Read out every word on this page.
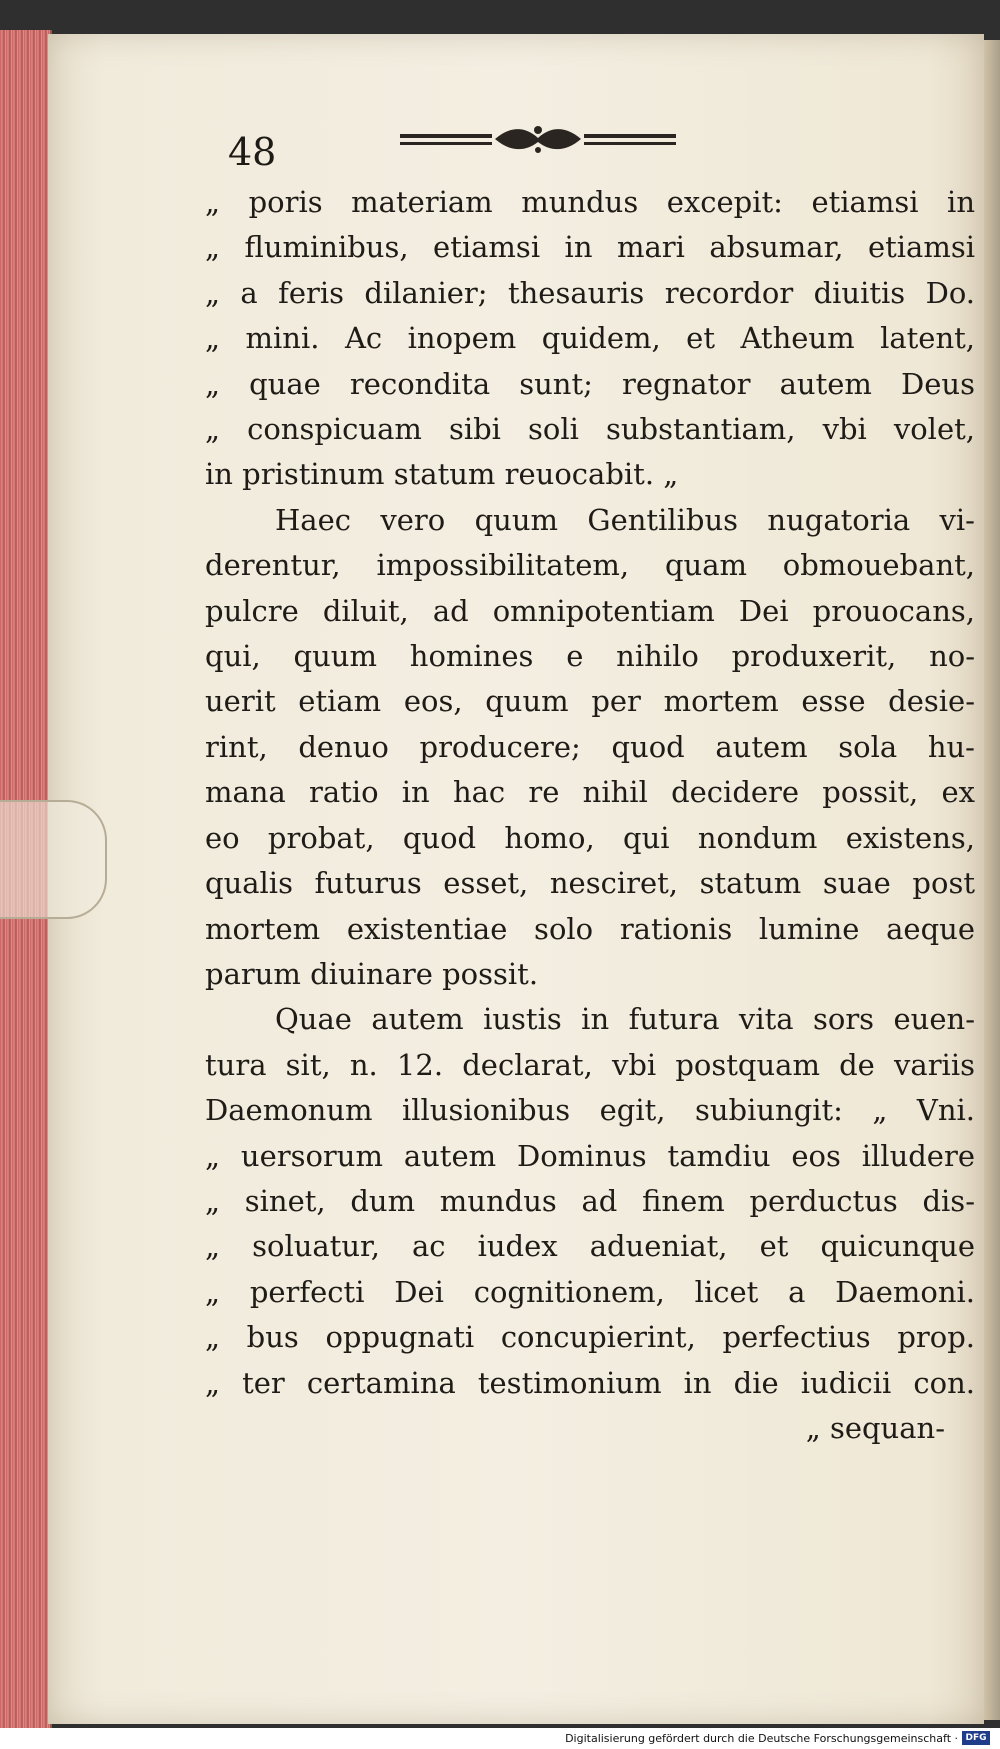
48
„ poris materiam mundus excepit: etiamsi in
„ fluminibus, etiamsi in mari absumar, etiamsi
„ a feris dilanier; thesauris recordor diuitis Do.
„ mini. Ac inopem quidem, et Atheum latent,
„ quae recondita sunt; regnator autem Deus
„ conspicuam sibi soli substantiam, vbi volet,
in pristinum statum reuocabit. „
Haec vero quum Gentilibus nugatoria vi-
derentur, impossibilitatem, quam obmouebant,
pulcre diluit, ad omnipotentiam Dei prouocans,
qui, quum homines e nihilo produxerit, no-
uerit etiam eos, quum per mortem esse desie-
rint, denuo producere; quod autem sola hu-
mana ratio in hac re nihil decidere possit, ex
eo probat, quod homo, qui nondum existens,
qualis futurus esset, nesciret, statum suae post
mortem existentiae solo rationis lumine aeque
parum diuinare possit.
Quae autem iustis in futura vita sors euen-
tura sit, n. 12. declarat, vbi postquam de variis
Daemonum illusionibus egit, subiungit: „ Vni.
„ uersorum autem Dominus tamdiu eos illudere
„ sinet, dum mundus ad finem perductus dis-
„ soluatur, ac iudex adueniat, et quicunque
„ perfecti Dei cognitionem, licet a Daemoni.
„ bus oppugnati concupierint, perfectius prop.
„ ter certamina testimonium in die iudicii con.
„ sequan-
Digitalisierung gefördert durch die Deutsche Forschungsgemeinschaft · DFG
